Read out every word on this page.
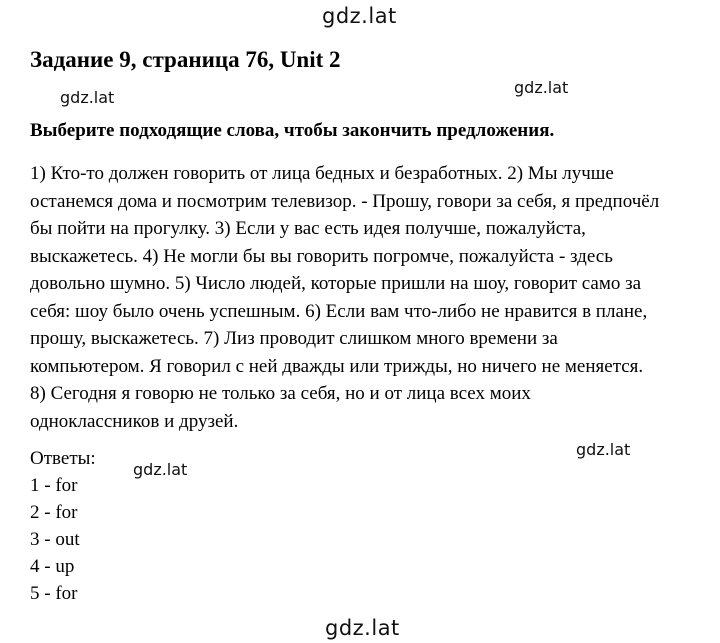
gdz.lat
gdz.lat
gdz.lat
gdz.lat
gdz.lat
gdz.lat
Задание 9, страница 76, Unit 2

Выберите подходящие слова, чтобы закончить предложения.

1) Кто-то должен говорить от лица бедных и безработных. 2) Мы лучше
останемся дома и посмотрим телевизор. - Прошу, говори за себя, я предпочёл
бы пойти на прогулку. 3) Если у вас есть идея получше, пожалуйста,
выскажетесь. 4) Не могли бы вы говорить погромче, пожалуйста - здесь
довольно шумно. 5) Число людей, которые пришли на шоу, говорит само за
себя: шоу было очень успешным. 6) Если вам что-либо не нравится в плане,
прошу, выскажетесь. 7) Лиз проводит слишком много времени за
компьютером. Я говорил с ней дважды или трижды, но ничего не меняется.
8) Сегодня я говорю не только за себя, но и от лица всех моих
одноклассников и друзей.
Ответы:
1 - for
2 - for
3 - out
4 - up
5 - for
